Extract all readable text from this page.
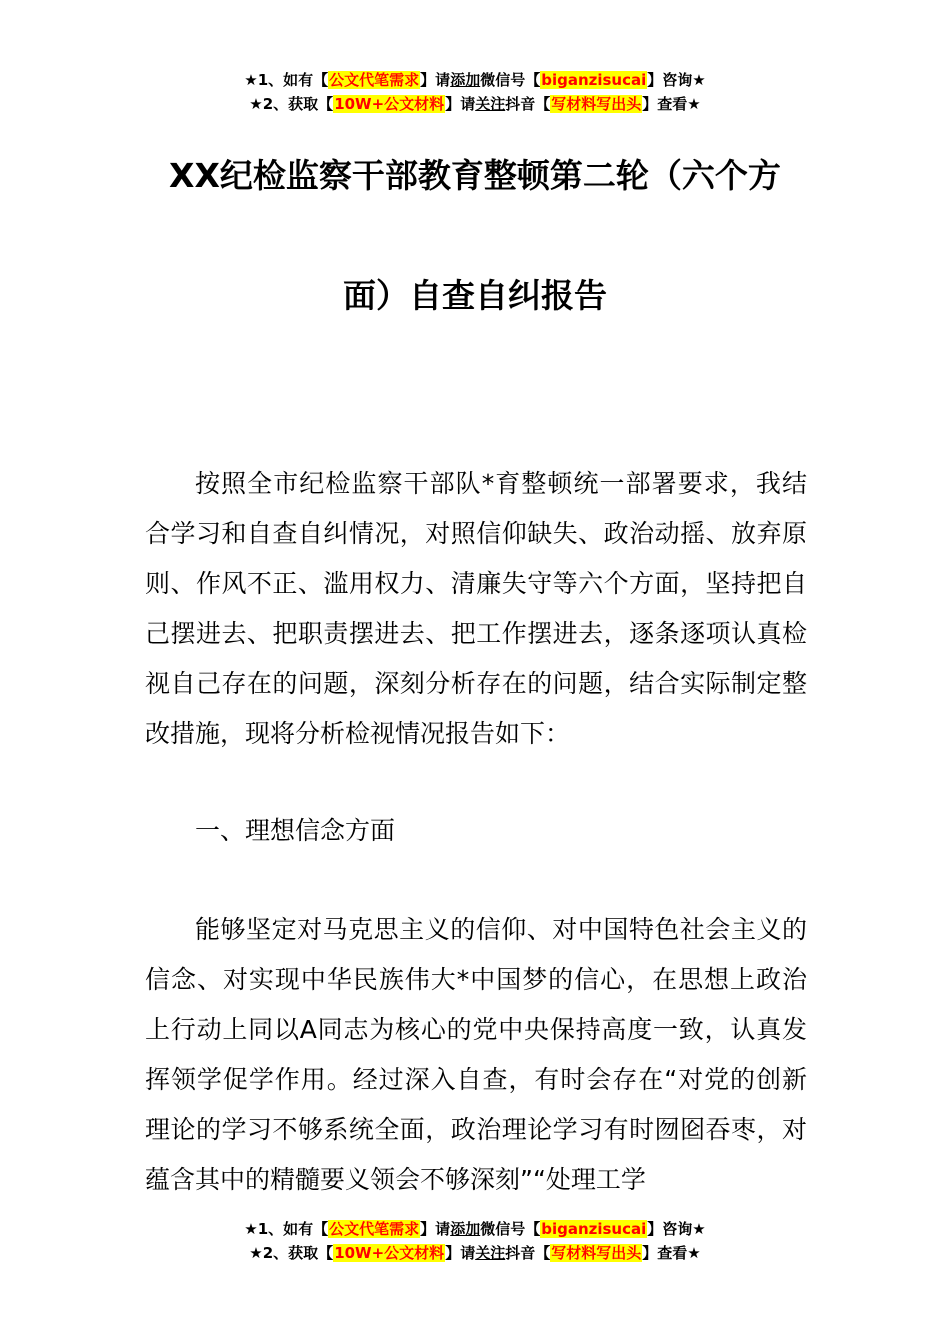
★1、如有【公文代笔需求】请添加微信号【biganzisucai】咨询★
★2、获取【10W+公文材料】请关注抖音【写材料写出头】查看★
XX纪检监察干部教育整顿第二轮（六个方
面）自查自纠报告

按照全市纪检监察干部队*育整顿统一部署要求，我结合学习和自查自纠情况，对照信仰缺失、政治动摇、放弃原则、作风不正、滥用权力、清廉失守等六个方面，坚持把自己摆进去、把职责摆进去、把工作摆进去，逐条逐项认真检视自己存在的问题，深刻分析存在的问题，结合实际制定整改措施，现将分析检视情况报告如下：

一、理想信念方面

能够坚定对马克思主义的信仰、对中国特色社会主义的信念、对实现中华民族伟大*中国梦的信心，在思想上政治上行动上同以A同志为核心的党中央保持高度一致，认真发挥领学促学作用。经过深入自查，有时会存在“对党的创新理论的学习不够系统全面，政治理论学习有时囫囵吞枣，对蕴含其中的精髓要义领会不够深刻”“处理工学

★1、如有【公文代笔需求】请添加微信号【biganzisucai】咨询★
★2、获取【10W+公文材料】请关注抖音【写材料写出头】查看★
